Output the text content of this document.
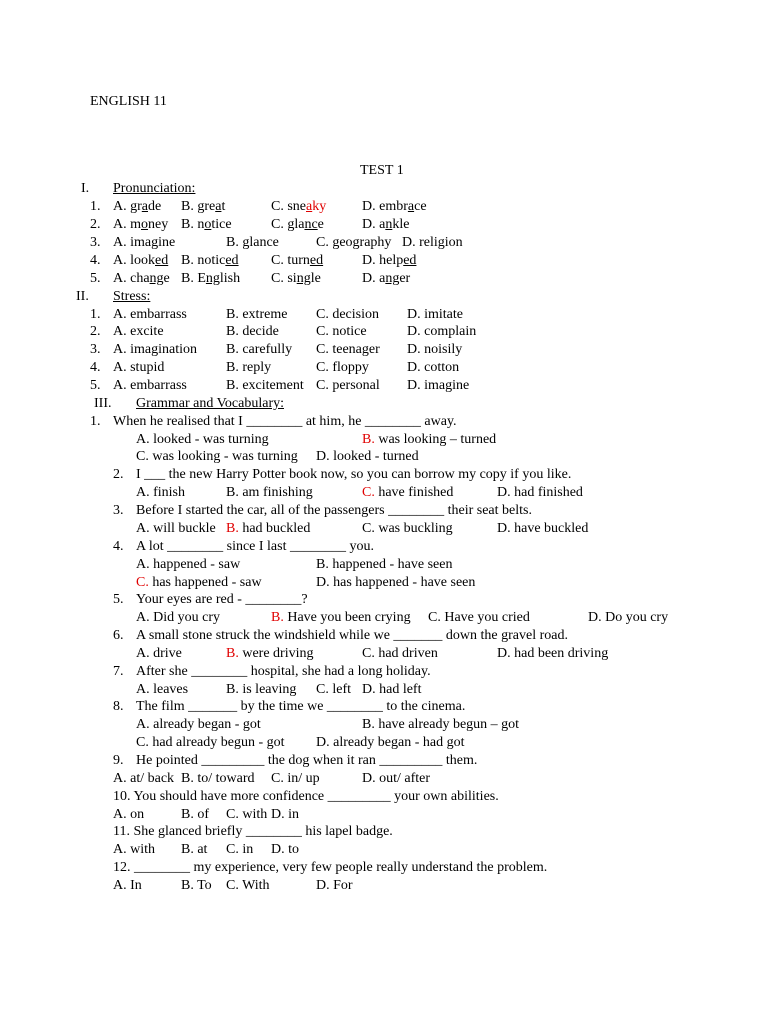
ENGLISH 11
TEST 1
I. Pronunciation:
1. A. grade B. great	C. sneaky	D. embrace
2. A. money B. notice	C. glance	D. ankle
3. A. imagine	B. glance	C. geography D. religion
4. A. looked B. noticed C. turned	D. helped
5. A. change B. English C. single	D. anger
II. Stress:
1. A. embarrass	B. extreme C. decision D. imitate
2. A. excite	B. decide	C. notice	D. complain
3. A. imagination B. carefully C. teenager D. noisily
4. A. stupid	B. reply	C. floppy	D. cotton
5. A. embarrass	B. excitement C. personal D. imagine
III. Grammar and Vocabulary:
1. When he realised that I ________ at him, he ________ away.
A. looked - was turning	B. was looking – turned
C. was looking - was turning D. looked - turned
2. I ___ the new Harry Potter book now, so you can borrow my copy if you like.
A. finish	B. am finishing	C. have finished	D. had finished
3. Before I started the car, all of the passengers ________ their seat belts.
A. will buckle B. had buckled	C. was buckling	D. have buckled
4. A lot ________ since I last ________ you.
A. happened - saw	B. happened - have seen
C. has happened - saw	D. has happened - have seen
5. Your eyes are red - ________?
A. Did you cry	B. Have you been crying C. Have you cried	D. Do you cry
6. A small stone struck the windshield while we _______ down the gravel road.
A. drive	B. were driving	C. had driven	D. had been driving
7. After she ________ hospital, she had a long holiday.
A. leaves	B. is leaving C. left D. had left
8. The film _______ by the time we ________ to the cinema.
A. already began - got	B. have already begun – got
C. had already begun - got D. already began - had got
9. He pointed _________ the dog when it ran _________ them.
A. at/ back B. to/ toward C. in/ up	D. out/ after
10. You should have more confidence _________ your own abilities.
A. on	B. of C. with D. in
11. She glanced briefly ________ his lapel badge.
A. with B. at C. in D. to
12. ________ my experience, very few people really understand the problem.
A. In	B. To C. With	D. For
